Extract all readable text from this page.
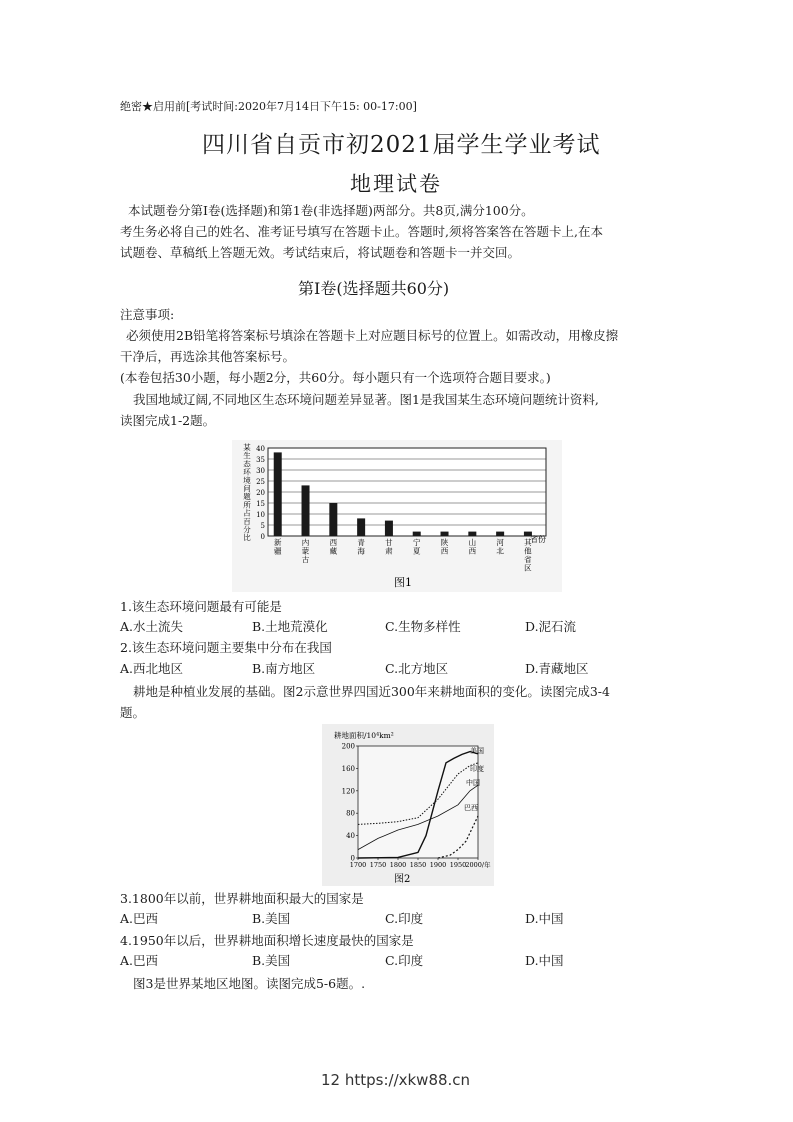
绝密★启用前[考试时间:2020年7月14日下午15: 00-17:00]
四川省自贡市初2021届学生学业考试
地理试卷
本试题卷分第Ⅰ卷(选择题)和第1卷(非选择题)两部分。共8页,满分100分。
考生务必将自己的姓名、准考证号填写在答题卡止。答题时,须将答案答在答题卡上,在本
试题卷、草稿纸上答题无效。考试结束后，将试题卷和答题卡一并交回。
第Ⅰ卷(选择题共60分)
注意事项:
必须使用2B铅笔将答案标号填涂在答题卡上对应题目标号的位置上。如需改动，用橡皮擦
干净后，再选涂其他答案标号。
(本卷包括30小题，每小题2分，共60分。每小题只有一个选项符合题目要求。)
我国地域辽阔,不同地区生态环境问题差异显著。图1是我国某生态环境问题统计资料,
读图完成1-2题。
0
5
10
15
20
25
30
35
40
新疆
内蒙古
西藏
青海
甘肃
宁夏
陕西
山西
河北
其他省区
某生态环境问题所占百分比	省份
图1
1.该生态环境问题最有可能是
A.水土流失	B.土地荒漠化	C.生物多样性	D.泥石流
2.该生态环境问题主要集中分布在我国
A.西北地区	B.南方地区	C.北方地区	D.青藏地区
耕地是种植业发展的基础。图2示意世界四国近300年来耕地面积的变化。读图完成3-4
题。
耕地面积/10⁴km²
0
40
80
120
160
200
1700 1750 1800 1850 1900 1950 2000/年
美国
印度
中国
巴西
图2
3.1800年以前，世界耕地面积最大的国家是
A.巴西	B.美国	C.印度	D.中国
4.1950年以后，世界耕地面积增长速度最快的国家是
A.巴西	B.美国	C.印度	D.中国
图3是世界某地区地图。读图完成5-6题。.
12 https://xkw88.cn
